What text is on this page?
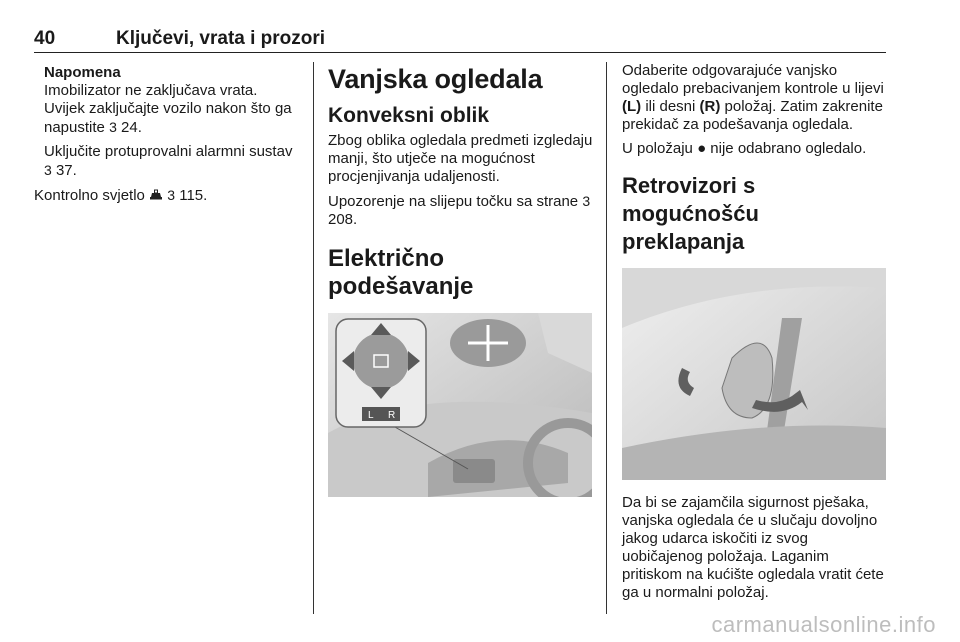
40	Ključevi, vrata i prozori
Napomena
Imobilizator ne zaključava vrata. Uvijek zaključajte vozilo nakon što ga napustite 3 24.
Uključite protuprovalni alarmni sustav 3 37.

Kontrolno svjetlo 3 115.

Vanjska ogledala
Konveksni oblik

Zbog oblika ogledala predmeti izgledaju manji, što utječe na mogućnost procjenjivanja udaljenosti.

Upozorenje na slijepu točku sa strane 3 208.

Električno podešavanje
L R

Odaberite odgovarajuće vanjsko ogledalo prebacivanjem kontrole u lijevi (L) ili desni (R) položaj. Zatim zakrenite prekidač za podešavanja ogledala.

U položaju ● nije odabrano ogledalo.

Retrovizori s mogućnošću preklapanja

Da bi se zajamčila sigurnost pješaka, vanjska ogledala će u slučaju dovoljno jakog udarca iskočiti iz svog uobičajenog položaja. Laganim pritiskom na kućište ogledala vratit ćete ga u normalni položaj.

carmanualsonline.info
